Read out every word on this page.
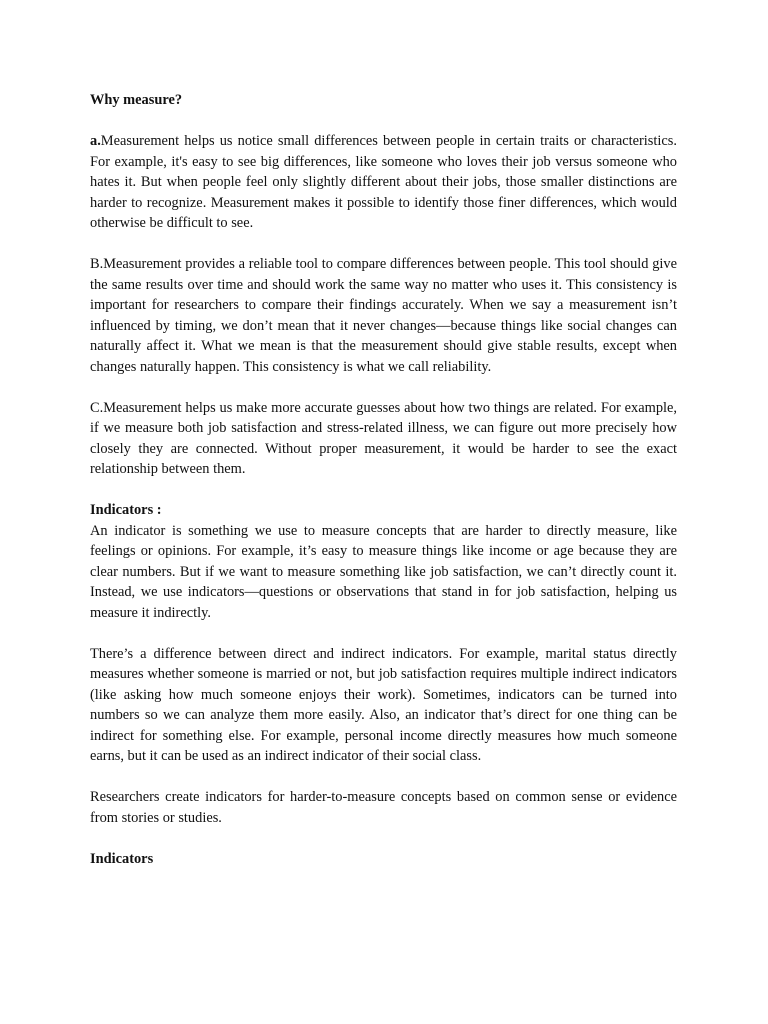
Why measure?

a.Measurement helps us notice small differences between people in certain traits or characteristics. For example, it's easy to see big differences, like someone who loves their job versus someone who hates it. But when people feel only slightly different about their jobs, those smaller distinctions are harder to recognize. Measurement makes it possible to identify those finer differences, which would otherwise be difficult to see.

B.Measurement provides a reliable tool to compare differences between people. This tool should give the same results over time and should work the same way no matter who uses it. This consistency is important for researchers to compare their findings accurately. When we say a measurement isn’t influenced by timing, we don’t mean that it never changes—because things like social changes can naturally affect it. What we mean is that the measurement should give stable results, except when changes naturally happen. This consistency is what we call reliability.

C.Measurement helps us make more accurate guesses about how two things are related. For example, if we measure both job satisfaction and stress-related illness, we can figure out more precisely how closely they are connected. Without proper measurement, it would be harder to see the exact relationship between them.

Indicators :

An indicator is something we use to measure concepts that are harder to directly measure, like feelings or opinions. For example, it’s easy to measure things like income or age because they are clear numbers. But if we want to measure something like job satisfaction, we can’t directly count it. Instead, we use indicators—questions or observations that stand in for job satisfaction, helping us measure it indirectly.

There’s a difference between direct and indirect indicators. For example, marital status directly measures whether someone is married or not, but job satisfaction requires multiple indirect indicators (like asking how much someone enjoys their work). Sometimes, indicators can be turned into numbers so we can analyze them more easily. Also, an indicator that’s direct for one thing can be indirect for something else. For example, personal income directly measures how much someone earns, but it can be used as an indirect indicator of their social class.

Researchers create indicators for harder-to-measure concepts based on common sense or evidence from stories or studies.

Indicators
